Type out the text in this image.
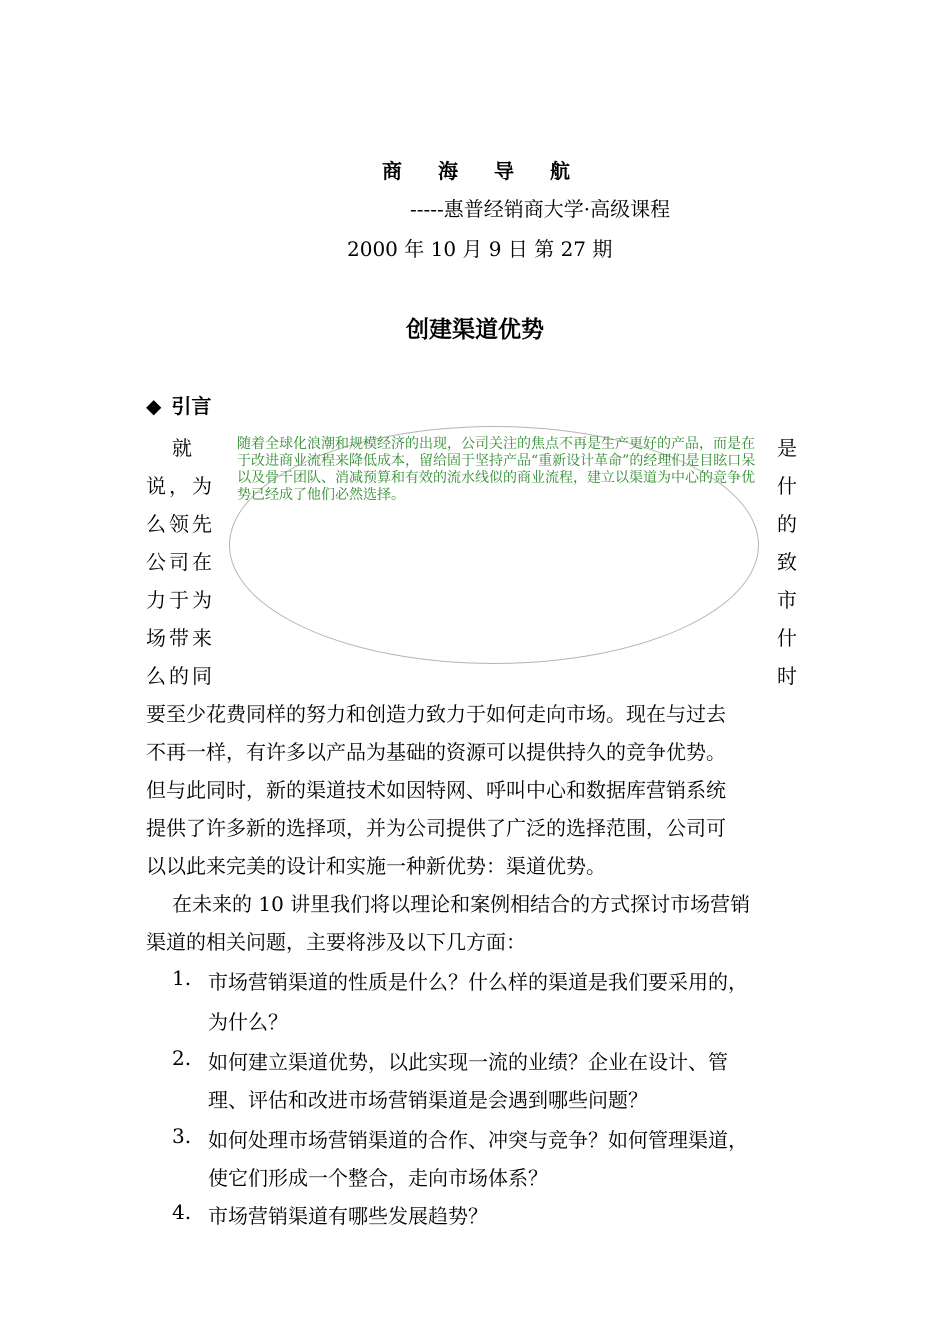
商 海 导 航
-----惠普经销商大学·高级课程
2000 年 10 月 9 日 第 27 期
创建渠道优势
◆ 引言
就
说，为
么领先
公司在
力于为
场带来
么的同
是
什
的
致
市
什
时
随着全球化浪潮和规模经济的出现，公司关注的焦点不再是生产更好的产品，而是在于改进商业流程来降低成本，留给固于坚持产品“重新设计革命”的经理们是目眩口呆以及骨干团队、消减预算和有效的流水线似的商业流程，建立以渠道为中心的竞争优势已经成了他们必然选择。
要至少花费同样的努力和创造力致力于如何走向市场。现在与过去
不再一样，有许多以产品为基础的资源可以提供持久的竞争优势。
但与此同时，新的渠道技术如因特网、呼叫中心和数据库营销系统
提供了许多新的选择项，并为公司提供了广泛的选择范围，公司可
以以此来完美的设计和实施一种新优势：渠道优势。
在未来的 10 讲里我们将以理论和案例相结合的方式探讨市场营销
渠道的相关问题，主要将涉及以下几方面：
1. 市场营销渠道的性质是什么？什么样的渠道是我们要采用的，
为什么？
2. 如何建立渠道优势，以此实现一流的业绩？企业在设计、管
理、评估和改进市场营销渠道是会遇到哪些问题？
3. 如何处理市场营销渠道的合作、冲突与竞争？如何管理渠道，
使它们形成一个整合，走向市场体系？
4. 市场营销渠道有哪些发展趋势？
